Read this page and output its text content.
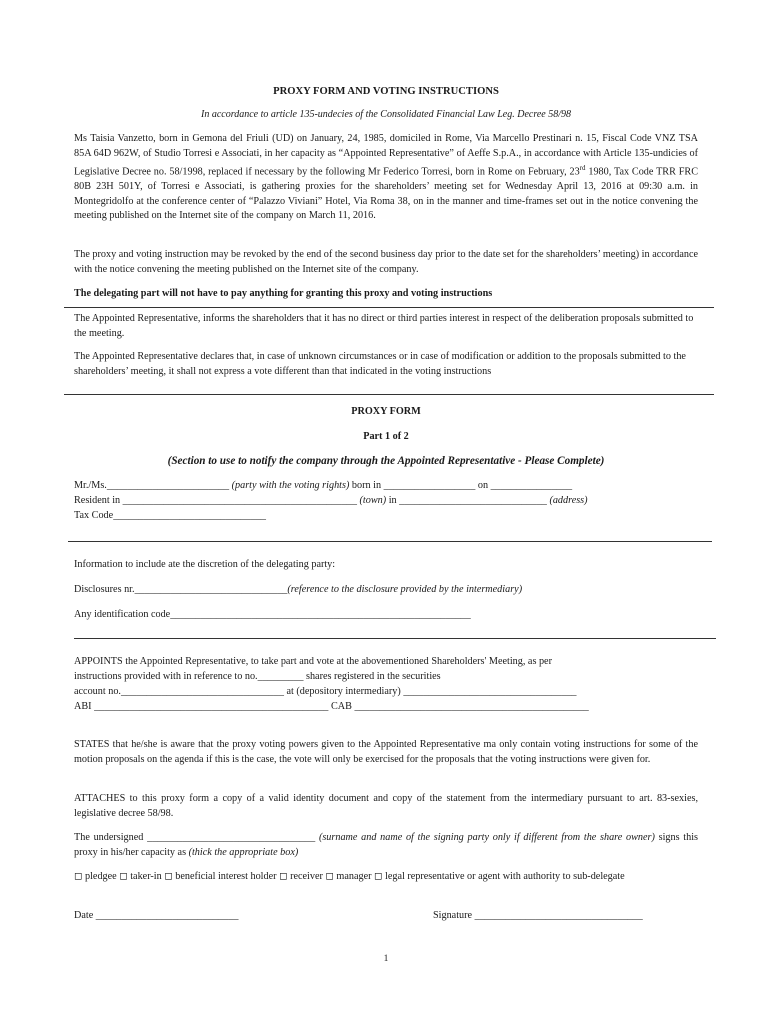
PROXY FORM AND VOTING INSTRUCTIONS

In accordance to article 135-undecies of the Consolidated Financial Law Leg. Decree 58/98

Ms Taisia Vanzetto, born in Gemona del Friuli (UD) on January, 24, 1985, domiciled in Rome, Via Marcello Prestinari n. 15, Fiscal Code VNZ TSA 85A 64D 962W, of Studio Torresi e Associati, in her capacity as “Appointed Representative” of Aeffe S.p.A., in accordance with Article 135-undicies of Legislative Decree no. 58/1998, replaced if necessary by the following Mr Federico Torresi, born in Rome on February, 23rd 1980, Tax Code TRR FRC 80B 23H 501Y, of Torresi e Associati, is gathering proxies for the shareholders’ meeting set for Wednesday April 13, 2016 at 09:30 a.m. in Montegridolfo at the conference center of “Palazzo Viviani” Hotel, Via Roma 38, on in the manner and time-frames set out in the notice convening the meeting published on the Internet site of the company on March 11, 2016.

The proxy and voting instruction may be revoked by the end of the second business day prior to the date set for the shareholders’ meeting) in accordance with the notice convening the meeting published on the Internet site of the company.

The delegating part will not have to pay anything for granting this proxy and voting instructions

The Appointed Representative, informs the shareholders that it has no direct or third parties interest in respect of the deliberation proposals submitted to the meeting.

The Appointed Representative declares that, in case of unknown circumstances or in case of modification or addition to the proposals submitted to the shareholders’ meeting, it shall not express a vote different than that indicated in the voting instructions

PROXY FORM

Part 1 of 2

(Section to use to notify the company through the Appointed Representative - Please Complete)

Mr./Ms.________________________ (party with the voting rights) born in __________________ on ________________

Resident in ______________________________________________ (town) in _____________________________ (address)

Tax Code______________________________

Information to include ate the discretion of the delegating party:

Disclosures nr.______________________________(reference to the disclosure provided by the intermediary)

Any identification code___________________________________________________________

APPOINTS the Appointed Representative, to take part and vote at the abovementioned Shareholders' Meeting, as per

instructions provided with in reference to no._________ shares registered in the securities

account no.________________________________ at (depository intermediary) __________________________________

ABI ______________________________________________ CAB ______________________________________________

STATES that he/she is aware that the proxy voting powers given to the Appointed Representative ma only contain voting instructions for some of the motion proposals on the agenda if this is the case, the vote will only be exercised for the proposals that the voting instructions were given for.

ATTACHES to this proxy form a copy of a valid identity document and copy of the statement from the intermediary pursuant to art. 83-sexies, legislative decree 58/98.

The undersigned _________________________________ (surname and name of the signing party only if different from the share owner) signs this proxy in his/her capacity as (thick the appropriate box)

◻ pledgee ◻ taker-in ◻ beneficial interest holder ◻ receiver ◻ manager ◻ legal representative or agent with authority to sub-delegate

Date ____________________________	Signature _________________________________

1
